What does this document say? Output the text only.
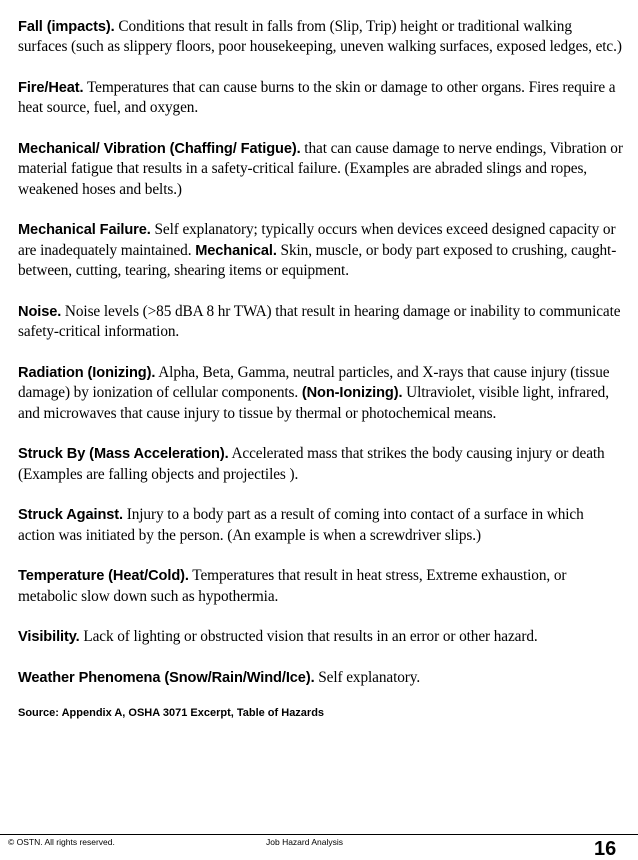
Fall (impacts). Conditions that result in falls from (Slip, Trip) height or traditional walking surfaces (such as slippery floors, poor housekeeping, uneven walking surfaces, exposed ledges, etc.)
Fire/Heat. Temperatures that can cause burns to the skin or damage to other organs. Fires require a heat source, fuel, and oxygen.
Mechanical/ Vibration (Chaffing/ Fatigue). that can cause damage to nerve endings, Vibration or material fatigue that results in a safety-critical failure. (Examples are abraded slings and ropes, weakened hoses and belts.)
Mechanical Failure. Self explanatory; typically occurs when devices exceed designed capacity or are inadequately maintained. Mechanical. Skin, muscle, or body part exposed to crushing, caught-between, cutting, tearing, shearing items or equipment.
Noise. Noise levels (>85 dBA 8 hr TWA) that result in hearing damage or inability to communicate safety-critical information.
Radiation (Ionizing). Alpha, Beta, Gamma, neutral particles, and X-rays that cause injury (tissue damage) by ionization of cellular components. (Non-Ionizing). Ultraviolet, visible light, infrared, and microwaves that cause injury to tissue by thermal or photochemical means.
Struck By (Mass Acceleration). Accelerated mass that strikes the body causing injury or death (Examples are falling objects and projectiles ).
Struck Against. Injury to a body part as a result of coming into contact of a surface in which action was initiated by the person. (An example is when a screwdriver slips.)
Temperature (Heat/Cold). Temperatures that result in heat stress, Extreme exhaustion, or metabolic slow down such as hypothermia.
Visibility. Lack of lighting or obstructed vision that results in an error or other hazard.
Weather Phenomena (Snow/Rain/Wind/Ice). Self explanatory.
Source: Appendix A, OSHA 3071 Excerpt, Table of Hazards
© OSTN. All rights reserved.	Job Hazard Analysis	16
